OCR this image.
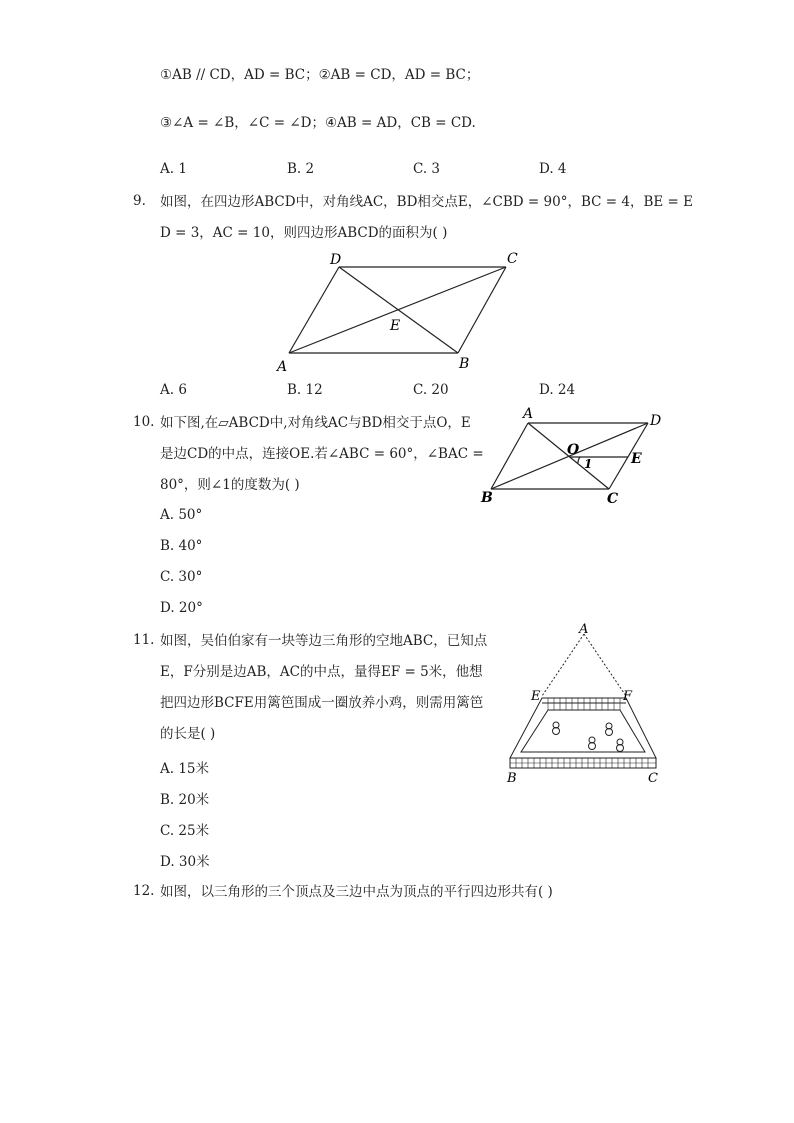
①AB // CD，AD = BC；②AB = CD，AD = BC；
③∠A = ∠B，∠C = ∠D；④AB = AD，CB = CD.
A. 1	B. 2	C. 3	D. 4
9. 如图，在四边形ABCD中，对角线AC，BD相交点E，∠CBD = 90°，BC = 4，BE = E
D = 3，AC = 10，则四边形ABCD的面积为( )
D	C
E
A	B
A. 6	B. 12	C. 20	D. 24
10. 如下图,在▱ABCD中,对角线AC与BD相交于点O，E
是边CD的中点，连接OE.若∠ABC = 60°，∠BAC =
80°，则∠1的度数为( )
A	D
O
1	E
B	C
A. 50°
B. 40°
C. 30°
D. 20°
11. 如图，吴伯伯家有一块等边三角形的空地ABC，已知点
E，F分别是边AB，AC的中点，量得EF = 5米，他想
把四边形BCFE用篱笆围成一圈放养小鸡，则需用篱笆
的长是( )
A
E	F
B	C
A. 15米
B. 20米
C. 25米
D. 30米
12. 如图，以三角形的三个顶点及三边中点为顶点的平行四边形共有( )
